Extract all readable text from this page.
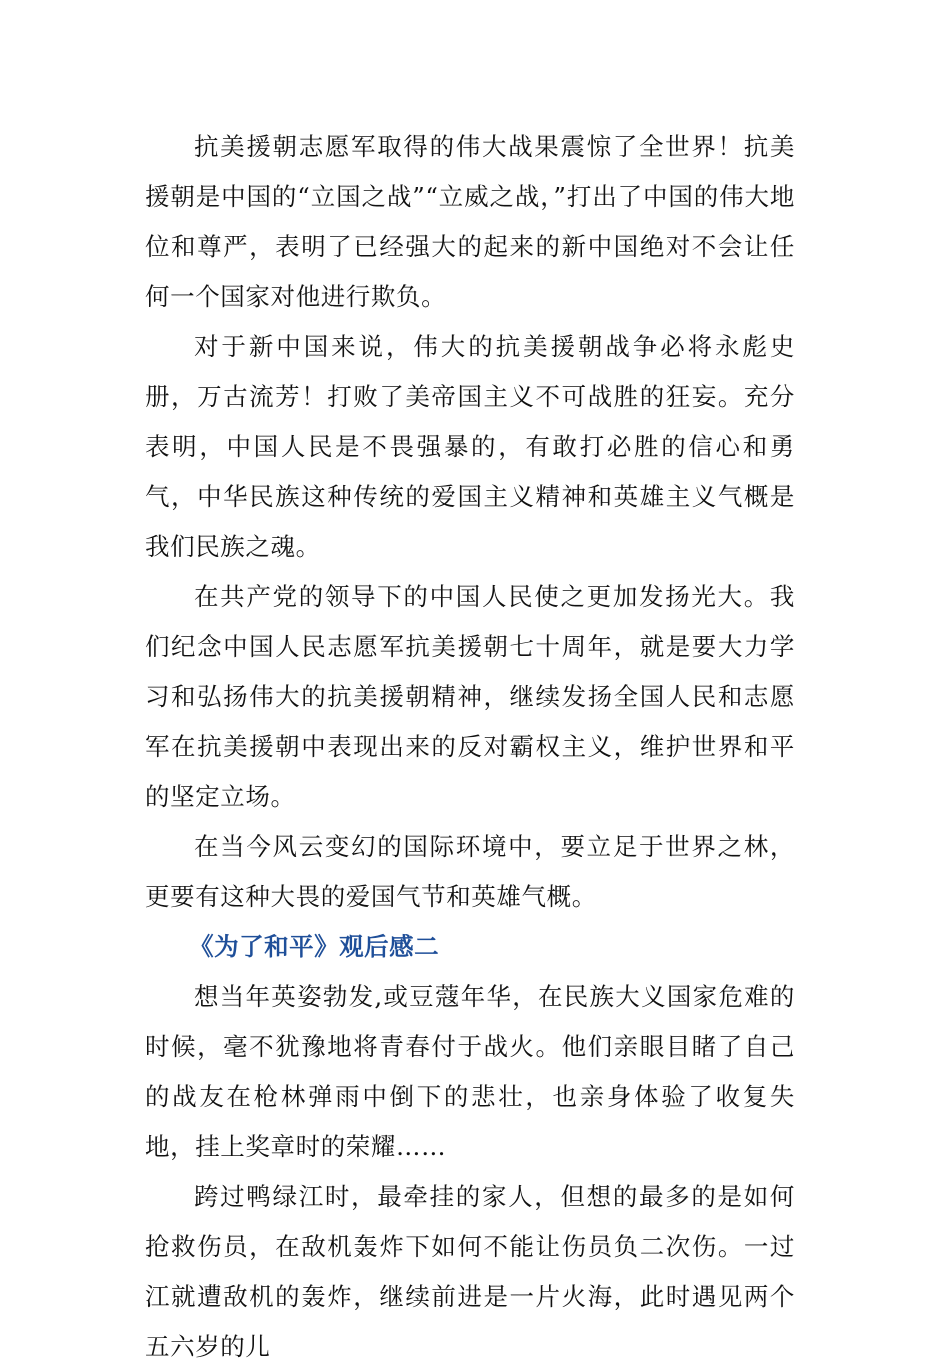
抗美援朝志愿军取得的伟大战果震惊了全世界！抗美援朝是中国的“立国之战”“立威之战，”打出了中国的伟大地位和尊严，表明了已经强大的起来的新中国绝对不会让任何一个国家对他进行欺负。

对于新中国来说，伟大的抗美援朝战争必将永彪史册，万古流芳！打败了美帝国主义不可战胜的狂妄。充分表明，中国人民是不畏强暴的，有敢打必胜的信心和勇气，中华民族这种传统的爱国主义精神和英雄主义气概是我们民族之魂。

在共产党的领导下的中国人民使之更加发扬光大。我们纪念中国人民志愿军抗美援朝七十周年，就是要大力学习和弘扬伟大的抗美援朝精神，继续发扬全国人民和志愿军在抗美援朝中表现出来的反对霸权主义，维护世界和平的坚定立场。

在当今风云变幻的国际环境中，要立足于世界之林，更要有这种大畏的爱国气节和英雄气概。

《为了和平》观后感二

想当年英姿勃发,或豆蔻年华，在民族大义国家危难的时候，毫不犹豫地将青春付于战火。他们亲眼目睹了自己的战友在枪林弹雨中倒下的悲壮，也亲身体验了收复失地，挂上奖章时的荣耀……

跨过鸭绿江时，最牵挂的家人，但想的最多的是如何抢救伤员，在敌机轰炸下如何不能让伤员负二次伤。一过江就遭敌机的轰炸，继续前进是一片火海，此时遇见两个五六岁的儿
